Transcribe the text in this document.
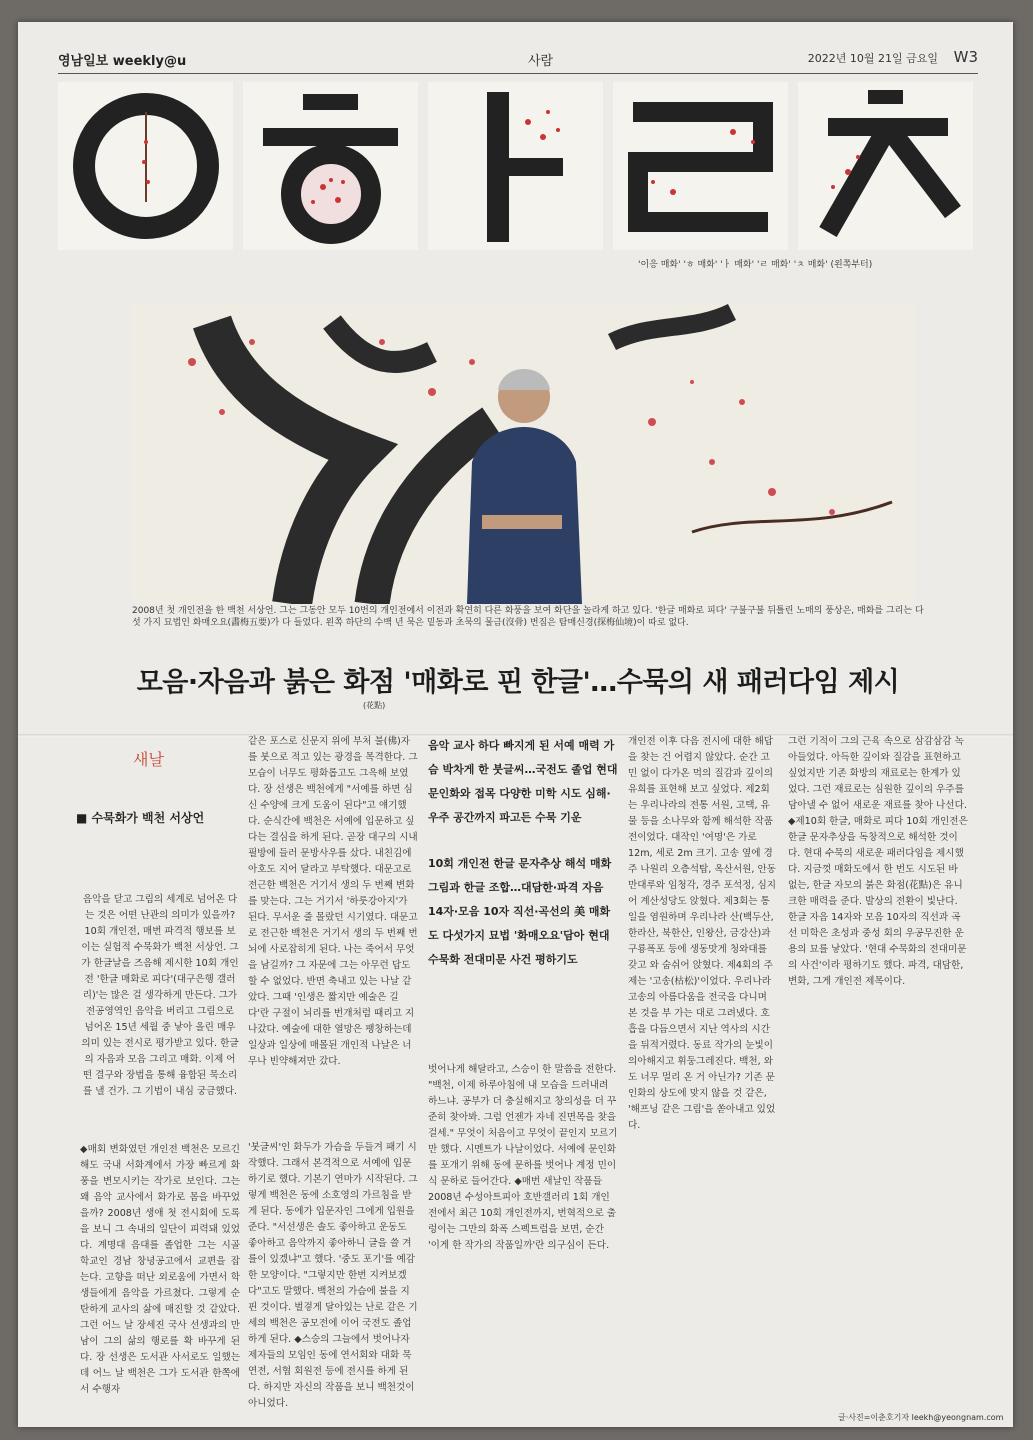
영남일보 weekly@u	사람	2022년 10월 21일 금요일 W3
'이응 매화' 'ㅎ 매화' 'ㅏ 매화' 'ㄹ 매화' 'ㅊ 매화' (왼쪽부터)
2008년 첫 개인전을 한 백천 서상언. 그는 그동안 모두 10번의 개인전에서 이전과 확연히 다른 화풍을 보여 화단을 놀라게 하고 있다. '한글 매화로 피다' 구불구불 뒤틀린 노매의 풍상은, 매화를 그리는 다섯 가지 묘법인 화매오요(畵梅五要)가 다 들었다. 왼쪽 하단의 수백 년 묵은 밑동과 초묵의 물금(沒骨) 번짐은 탐매신경(探梅仙境)이 따로 없다.
모음·자음과 붉은 화점 '매화로 핀 한글'…수묵의 새 패러다임 제시
(花點)
새날
■ 수묵화가 백천 서상언
음악을 닫고 그림의 세계로 넘어온 다는 것은 어떤 난관의 의미가 있을까? 10회 개인전, 매번 파격적 행보를 보이는 실험적 수묵화가 백천 서상언. 그가 한글날을 즈음해 제시한 10회 개인전 '한글 매화로 피다'(대구은행 갤러리)'는 많은 걸 생각하게 만든다. 그가 전공영역인 음악을 버리고 그림으로 넘어온 15년 세월 중 낳아 올린 매우 의미 있는 전시로 평가받고 있다. 한글의 자음과 모음 그리고 매화. 이제 어떤 결구와 장법을 통해 융합된 묵소리를 낼 건가. 그 기법이 내심 궁금했다.
◆매회 변화였던 개인전 백천은 모르긴 해도 국내 서화계에서 가장 빠르게 화풍을 변모시키는 작가로 보인다. 그는 왜 음악 교사에서 화가로 몸을 바꾸었을까? 2008년 생애 첫 전시회에 도록을 보니 그 속내의 일단이 피력돼 있었다. 계명대 음대를 졸업한 그는 시골 학교인 경남 창녕공고에서 교편을 잡는다. 고향을 떠난 외로움에 가면서 학생들에게 음악을 가르쳤다. 그렇게 순탄하게 교사의 삶에 매진할 것 같았다. 그런 어느 날 장세진 국사 선생과의 만남이 그의 삶의 행로를 확 바꾸게 된다. 장 선생은 도서관 사서로도 일했는데 어느 날 백천은 그가 도서관 한쪽에서 수행자
같은 포스로 신문지 위에 부처 불(佛)자를 붓으로 적고 있는 광경을 목격한다. 그 모습이 너무도 평화롭고도 그윽해 보였다. 장 선생은 백천에게 "서예를 하면 심신 수양에 크게 도움이 된다"고 얘기했다. 순식간에 백천은 서예에 입문하고 싶다는 결심을 하게 된다. 곧장 대구의 시내 필방에 들러 문방사우를 샀다. 내친김에 아호도 지어 달라고 부탁했다. 대문고로 전근한 백천은 거기서 생의 두 번째 변화를 맞는다. 그는 거기서 '하룻강아지'가 된다. 무서운 줄 몰랐던 시기였다. 대문고로 전근한 백천은 거기서 생의 두 번째 번뇌에 사로잡히게 된다. 나는 죽어서 무엇을 남길까? 그 자문에 그는 아무런 답도 할 수 없었다. 반면 축내고 있는 나날 같았다. 그때 '인생은 짧지만 예술은 길다'란 구절이 뇌리를 번개처럼 때리고 지나갔다. 예술에 대한 열망은 팽창하는데 일상과 일상에 매몰된 개인적 나날은 너무나 빈약해져만 갔다.
'붓글씨'인 화두가 가슴을 두들겨 패기 시작했다. 그래서 본격적으로 서예에 입문하기로 했다. 기본기 연마가 시작된다. 그렇게 백천은 동에 소호영의 가르침을 받게 된다. 동에가 입문자인 그에게 입원을 준다. "서선생은 솔도 좋아하고 운동도 좋아하고 음악까지 좋아하니 글을 쓸 겨를이 있겠냐"고 했다. '중도 포기'를 예감한 모양이다. "그렇지만 한번 지켜보겠다"고도 말했다. 백천의 가슴에 불을 지핀 것이다. 벌겋게 달아있는 난로 같은 기세의 백천은 공모전에 이어 국전도 졸업하게 된다. ◆스승의 그늘에서 벗어나자 제자들의 모임인 동에 연서회와 대화 묵연전, 서협 회원전 등에 전시를 하게 된다. 하지만 자신의 작품을 보니 백천것이 아니었다.
음악 교사 하다 빠지게 된 서예 매력 가슴 박차게 한 붓글씨…국전도 졸업 현대 문인화와 접목 다양한 미학 시도 심해·우주 공간까지 파고든 수묵 기운
10회 개인전 한글 문자추상 해석 매화 그림과 한글 조합…대담한·파격 자음 14자·모음 10자 직선·곡선의 美 매화도 다섯가지 묘법 '화매오요'담아 현대 수묵화 전대미문 사건 평하기도
벗어나게 해달라고, 스승이 한 말씀을 전한다. "백천, 이제 하루아침에 내 모습을 드러내려 하느냐. 공부가 더 충실해지고 창의성을 더 꾸준히 찾아봐. 그럼 언젠가 자네 진면목을 찾을 걸세." 무엇이 처음이고 무엇이 끝인지 모르기만 했다. 시멘트가 나날이었다. 서예에 문인화를 포개기 위해 동에 문하를 벗어나 계정 민이식 문하로 들어간다. ◆매번 새날인 작품들 2008년 수성아트피아 호반갤러리 1회 개인전에서 최근 10회 개인전까지, 번혁적으로 출렁이는 그만의 화폭 스펙트럼을 보면, 순간 '이게 한 작가의 작품일까'란 의구심이 든다.
개인전 이후 다음 전시에 대한 해답을 찾는 건 어렵지 않았다. 순간 고민 없이 다가온 먹의 질감과 깊이의 유희를 표현해 보고 싶었다. 제2회는 우리나라의 전통 서원, 고택, 유물 등을 소나무와 함께 해석한 작품전이었다. 대작인 '여명'은 가로 12m, 세로 2m 크기. 고송 옆에 경주 나원리 오층석탑, 옥산서원, 안동 만대루와 임청각, 경주 포석정, 심지어 계산성당도 앉혔다. 제3회는 통일을 염원하며 우리나라 산(백두산, 한라산, 북한산, 인왕산, 금강산)과 구룡폭포 등에 생동맛게 청와대를 갖고 와 숨쉬어 앉혔다. 제4회의 주제는 '고송(枯松)'이었다. 우리나라 고송의 아름다움을 전국을 다니며 본 것을 부 가는 대로 그려냈다. 호흡을 다듬으면서 지난 역사의 시간을 뒤적거렸다. 동료 작가의 눈빛이 의아해지고 휘둥그레진다. 백천, 와도 너무 멀리 온 거 아닌가? 기존 문인화의 상도에 맞지 않을 것 같은, '해프닝 같은 그림'을 쏟아내고 있었다.
그런 기적이 그의 근육 속으로 삼감삼감 녹아들었다. 아득한 깊이와 질감을 표현하고 싶었지만 기존 화방의 재료로는 한계가 있었다. 그런 재료로는 심원한 깊이의 우주를 담아낼 수 없어 새로운 재료를 찾아 나선다. ◆제10회 한글, 매화로 피다 10회 개인전은 한글 문자추상을 독창적으로 해석한 것이다. 현대 수묵의 새로운 패러다임을 제시했다. 지금껏 매화도에서 한 번도 시도된 바 없는, 한글 자모의 붉은 화점(花點)은 유니크한 매력을 준다. 발상의 전환이 빛난다. 한글 자음 14자와 모음 10자의 직선과 곡선 미학은 초성과 중성 회의 우공무진한 운용의 묘를 낳았다. '현대 수묵화의 전대미문의 사건'이라 평하기도 했다. 파격, 대담한, 변화, 그게 개인전 제목이다.
글·사진=이춘호기자 leekh@yeongnam.com
